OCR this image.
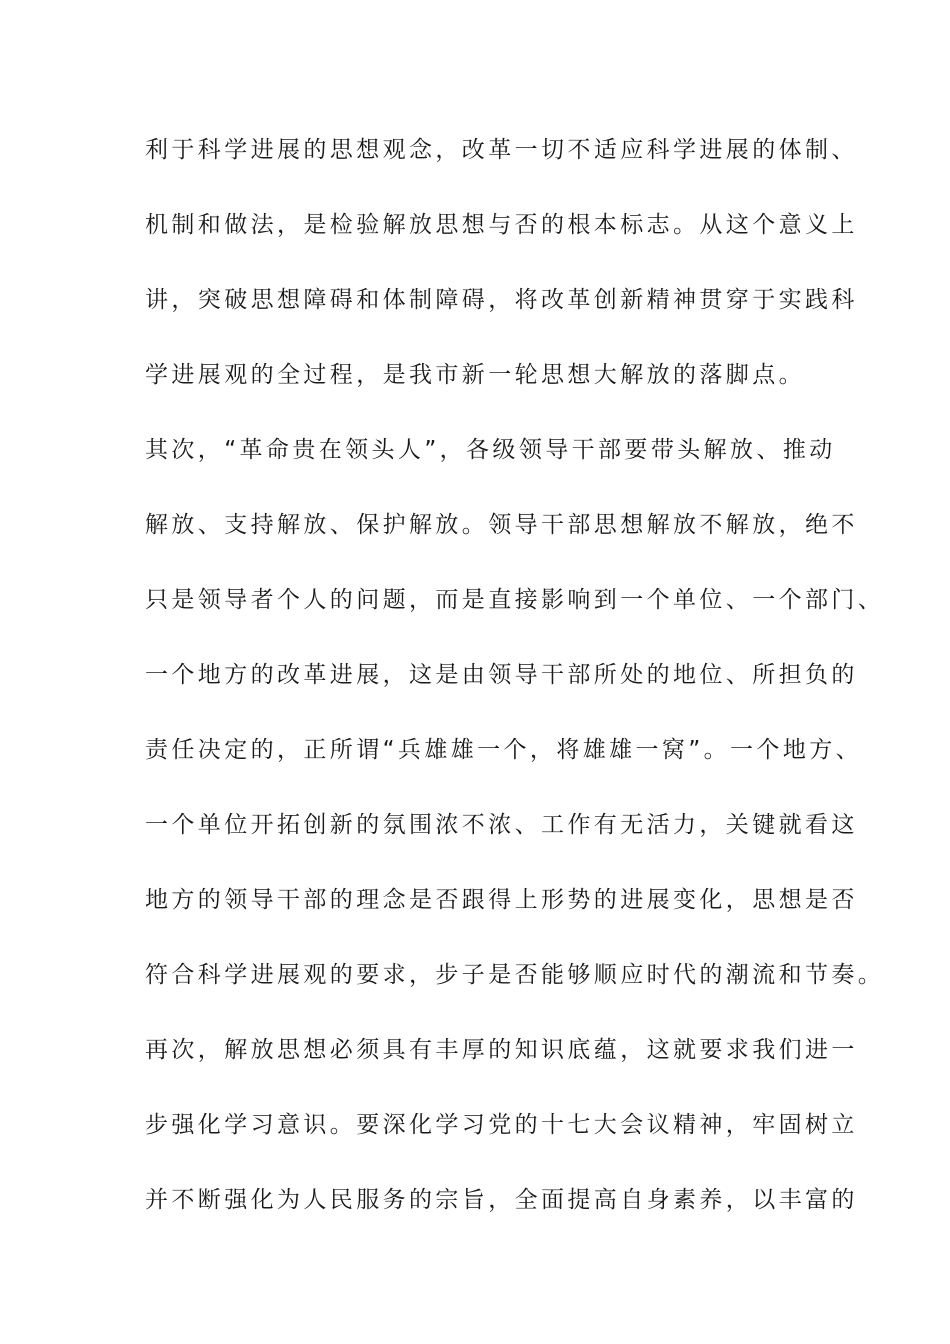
利于科学进展的思想观念，改革一切不适应科学进展的体制、
机制和做法，是检验解放思想与否的根本标志。从这个意义上
讲，突破思想障碍和体制障碍，将改革创新精神贯穿于实践科
学进展观的全过程，是我市新一轮思想大解放的落脚点。
其次，“革命贵在领头人”，各级领导干部要带头解放、推动
解放、支持解放、保护解放。领导干部思想解放不解放，绝不
只是领导者个人的问题，而是直接影响到一个单位、一个部门、
一个地方的改革进展，这是由领导干部所处的地位、所担负的
责任决定的，正所谓“兵雄雄一个，将雄雄一窝”。一个地方、
一个单位开拓创新的氛围浓不浓、工作有无活力，关键就看这
地方的领导干部的理念是否跟得上形势的进展变化，思想是否
符合科学进展观的要求，步子是否能够顺应时代的潮流和节奏。
再次，解放思想必须具有丰厚的知识底蕴，这就要求我们进一
步强化学习意识。要深化学习党的十七大会议精神，牢固树立
并不断强化为人民服务的宗旨，全面提高自身素养，以丰富的
